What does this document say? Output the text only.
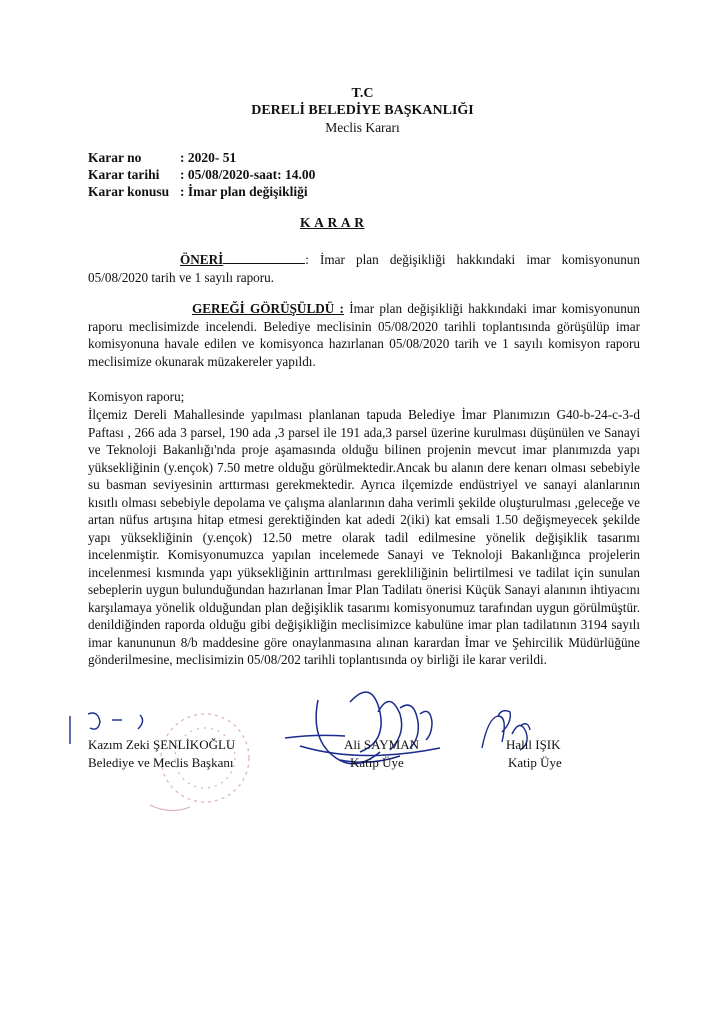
T.C
DERELİ BELEDİYE BAŞKANLIĞI
Meclis Kararı
Karar no	: 2020- 51
Karar tarihi : 05/08/2020-saat: 14.00
Karar konusu : İmar plan değişikliği
K A R A R
ÖNERİ	: İmar plan değişikliği hakkındaki imar komisyonunun 05/08/2020 tarih ve 1 sayılı raporu.
GEREĞİ GÖRÜŞÜLDÜ : İmar plan değişikliği hakkındaki imar komisyonunun raporu meclisimizde incelendi. Belediye meclisinin 05/08/2020 tarihli toplantısında görüşülüp imar komisyonuna havale edilen ve komisyonca hazırlanan 05/08/2020 tarih ve 1 sayılı komisyon raporu meclisimize okunarak müzakereler yapıldı.
Komisyon raporu;
İlçemiz Dereli Mahallesinde yapılması planlanan tapuda Belediye İmar Planımızın G40-b-24-c-3-d Paftası , 266 ada 3 parsel, 190 ada ,3 parsel ile 191 ada,3 parsel üzerine kurulması düşünülen ve Sanayi ve Teknoloji Bakanlığı'nda proje aşamasında olduğu bilinen projenin mevcut imar planımızda yapı yüksekliğinin (y.ençok) 7.50 metre olduğu görülmektedir.Ancak bu alanın dere kenarı olması sebebiyle su basman seviyesinin arttırması gerekmektedir. Ayrıca ilçemizde endüstriyel ve sanayi alanlarının kısıtlı olması sebebiyle depolama ve çalışma alanlarının daha verimli şekilde oluşturulması ,geleceğe ve artan nüfus artışına hitap etmesi gerektiğinden kat adedi 2(iki) kat emsali 1.50 değişmeyecek şekilde yapı yüksekliğinin (y.ençok) 12.50 metre olarak tadil edilmesine yönelik değişiklik tasarımı incelenmiştir. Komisyonumuzca yapılan incelemede Sanayi ve Teknoloji Bakanlığınca projelerin incelenmesi kısmında yapı yüksekliğinin arttırılması gerekliliğinin belirtilmesi ve tadilat için sunulan sebeplerin uygun bulunduğundan hazırlanan İmar Plan Tadilatı önerisi Küçük Sanayi alanının ihtiyacını karşılamaya yönelik olduğundan plan değişiklik tasarımı komisyonumuz tarafından uygun görülmüştür. denildiğinden raporda olduğu gibi değişikliğin meclisimizce kabulüne imar plan tadilatının 3194 sayılı imar kanununun 8/b maddesine göre onaylanmasına alınan karardan İmar ve Şehircilik Müdürlüğüne gönderilmesine, meclisimizin 05/08/202 tarihli toplantısında oy birliği ile karar verildi.
Kazım Zeki ŞENLİKOĞLU
Belediye ve Meclis Başkanı
Ali SAYMAN
Katip Üye
Halil IŞIK
Katip Üye
